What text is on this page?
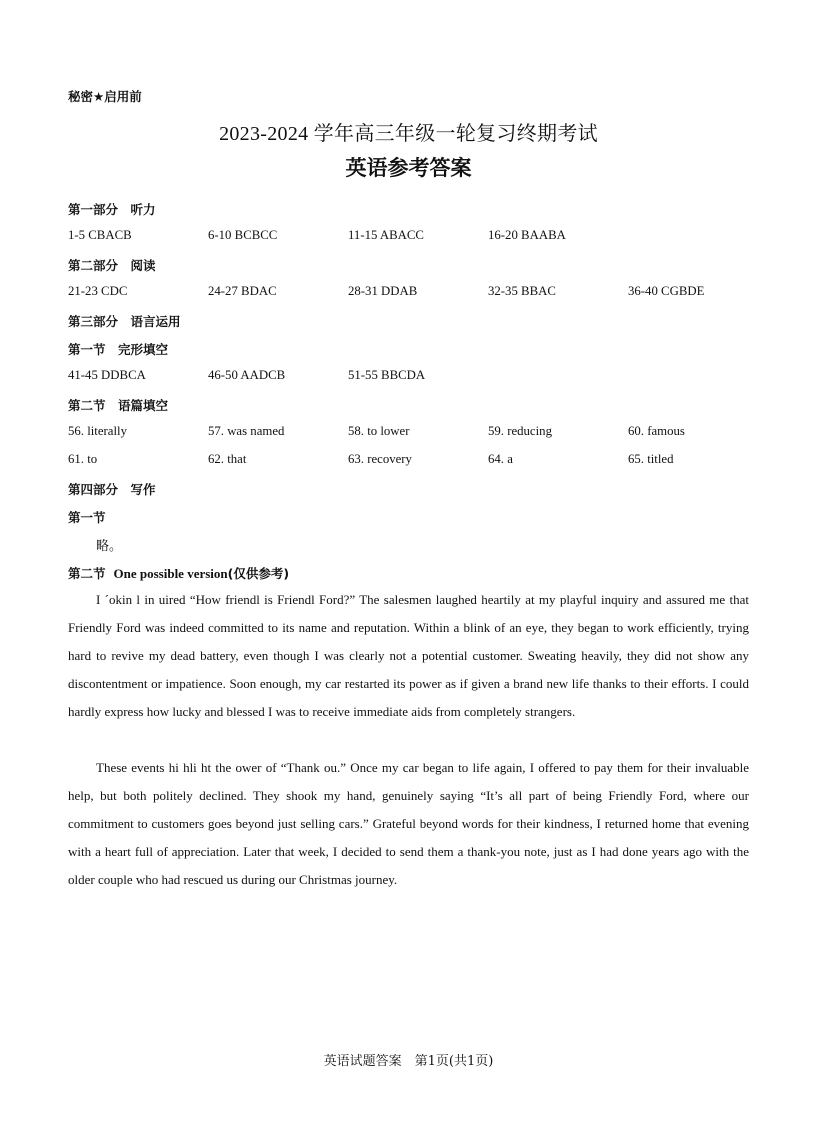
秘密★启用前
2023-2024 学年高三年级一轮复习终期考试
英语参考答案
第一部分　听力
1-5 CBACB	6-10 BCBCC	11-15 ABACC	16-20 BAABA
第二部分　阅读
21-23 CDC	24-27 BDAC	28-31 DDAB	32-35 BBAC	36-40 CGBDE
第三部分　语言运用
第一节　完形填空
41-45 DDBCA	46-50 AADCB	51-55 BBCDA
第二节　语篇填空
56. literally	57. was named	58. to lower	59. reducing	60. famous
61. to	62. that	63. recovery	64. a	65. titled
第四部分　写作
第一节
略。
第二节 One possible version(仅供参考)

I ´okin l in uired “How friendl is Friendl Ford?” The salesmen laughed heartily at my playful inquiry and assured me that Friendly Ford was indeed committed to its name and reputation. Within a blink of an eye, they began to work efficiently, trying hard to revive my dead battery, even though I was clearly not a potential customer. Sweating heavily, they did not show any discontentment or impatience. Soon enough, my car restarted its power as if given a brand new life thanks to their efforts. I could hardly express how lucky and blessed I was to receive immediate aids from completely strangers.

These events hi hli ht the ower of “Thank ou.” Once my car began to life again, I offered to pay them for their invaluable help, but both politely declined. They shook my hand, genuinely saying “It’s all part of being Friendly Ford, where our commitment to customers goes beyond just selling cars.” Grateful beyond words for their kindness, I returned home that evening with a heart full of appreciation. Later that week, I decided to send them a thank-you note, just as I had done years ago with the older couple who had rescued us during our Christmas journey.

英语试题答案　第1页(共1页)
